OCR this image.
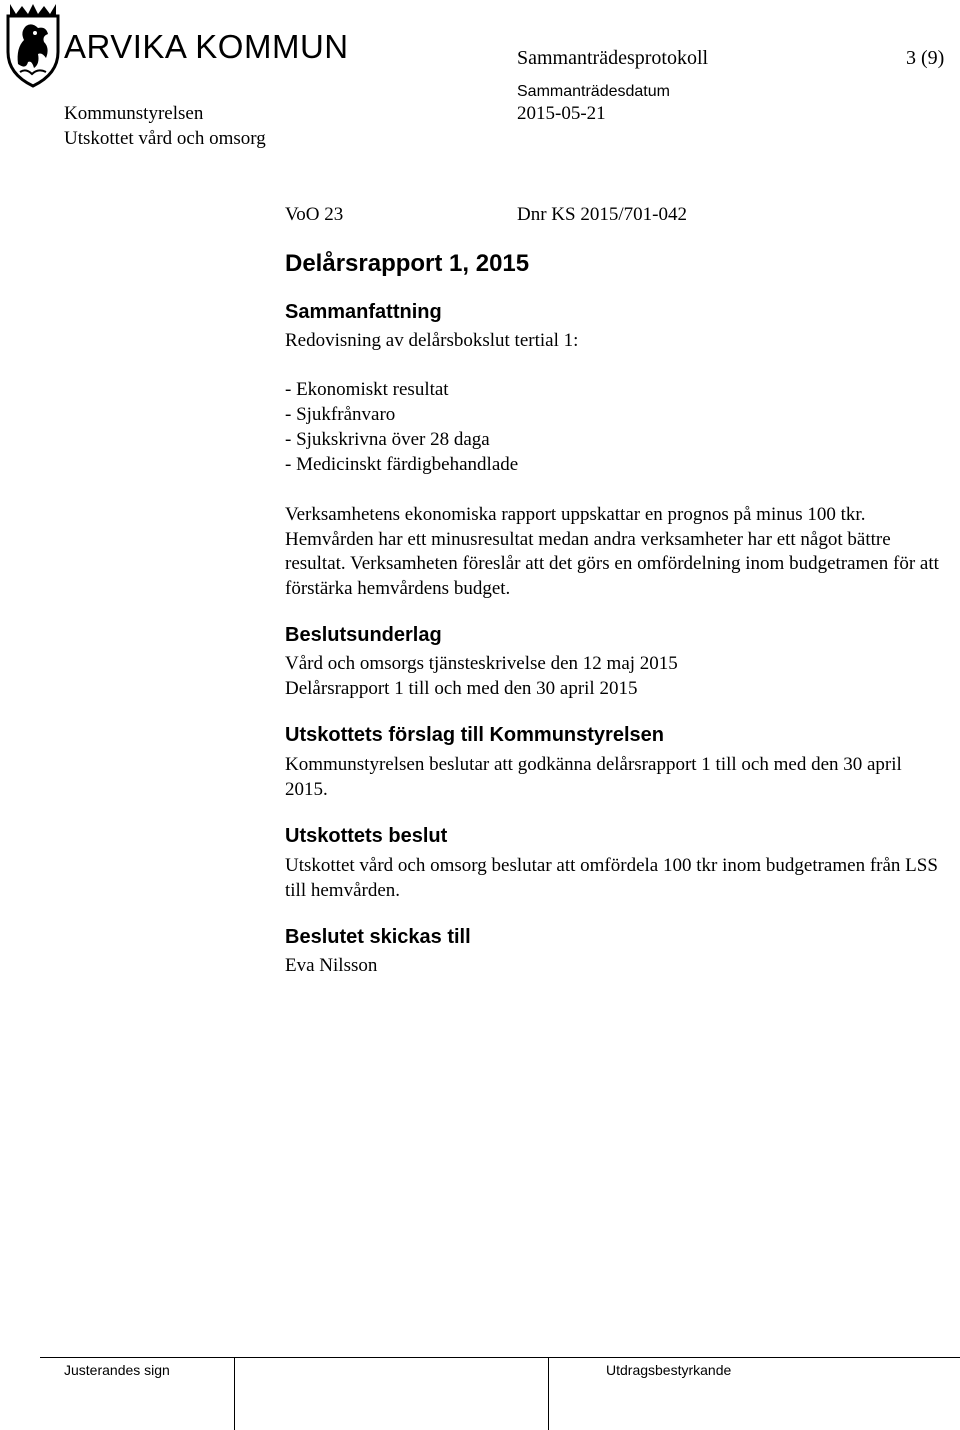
ARVIKA KOMMUN	Sammanträdesprotokoll	3 (9)
Sammanträdesdatum
Kommunstyrelsen	2015-05-21
Utskottet vård och omsorg
VoO 23	Dnr KS 2015/701-042
Delårsrapport 1, 2015
Sammanfattning
Redovisning av delårsbokslut tertial 1:
- Ekonomiskt resultat
- Sjukfrånvaro
- Sjukskrivna över 28 daga
- Medicinskt färdigbehandlade
Verksamhetens ekonomiska rapport uppskattar en prognos på minus 100 tkr. Hemvården har ett minusresultat medan andra verksamheter har ett något bättre resultat. Verksamheten föreslår att det görs en omfördelning inom budgetramen för att förstärka hemvårdens budget.
Beslutsunderlag
Vård och omsorgs tjänsteskrivelse den 12 maj 2015
Delårsrapport 1 till och med den 30 april 2015
Utskottets förslag till Kommunstyrelsen
Kommunstyrelsen beslutar att godkänna delårsrapport 1 till och med den 30 april 2015.
Utskottets beslut
Utskottet vård och omsorg beslutar att omfördela 100 tkr inom budgetramen från LSS till hemvården.
Beslutet skickas till
Eva Nilsson
Justerandes sign	Utdragsbestyrkande
